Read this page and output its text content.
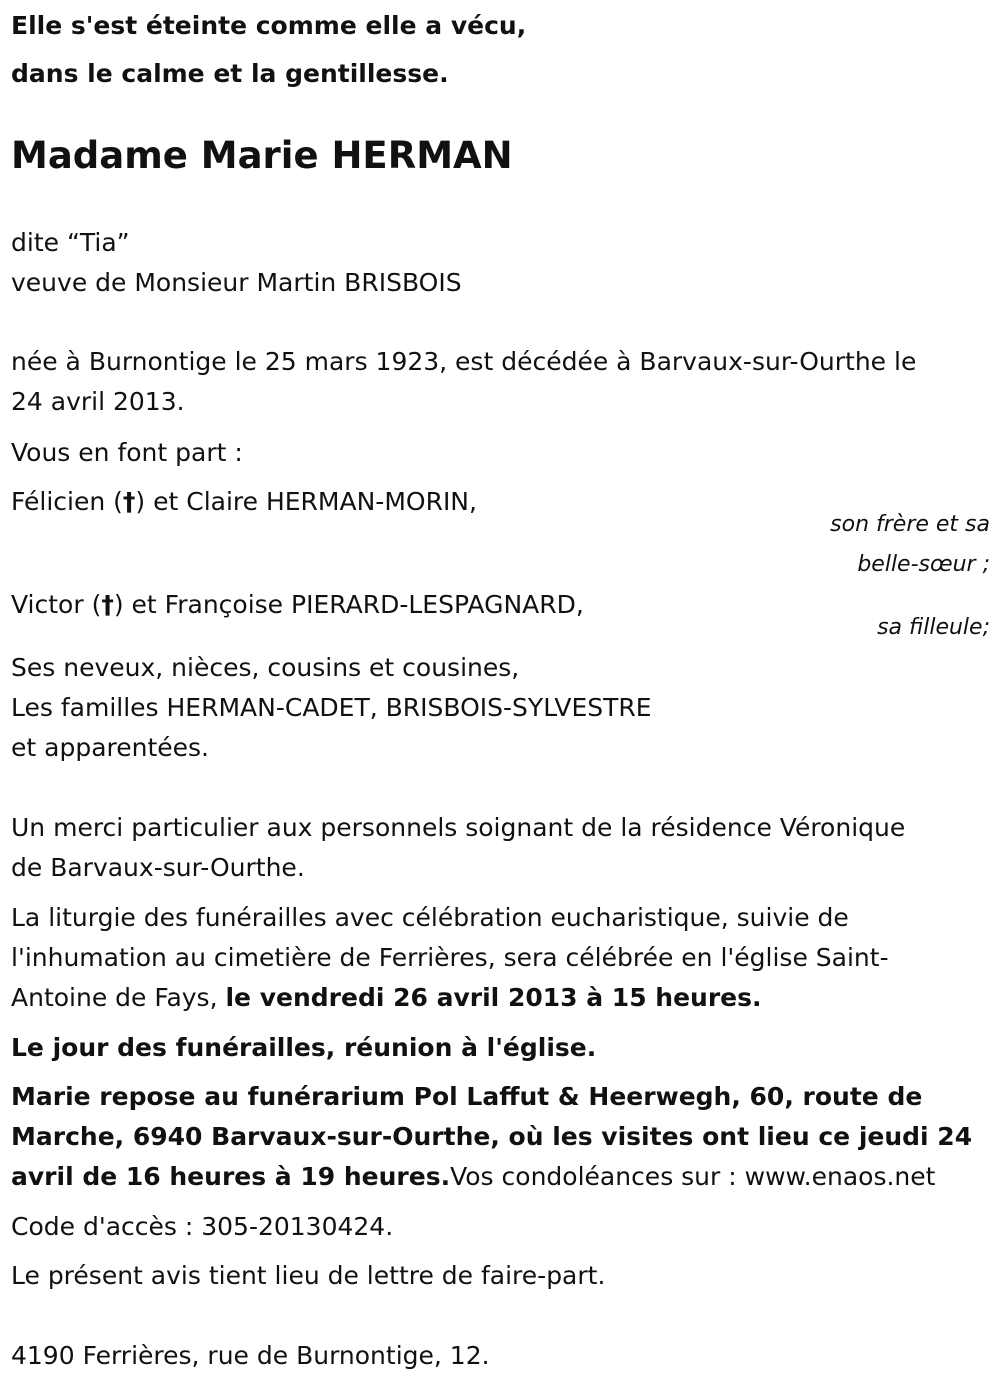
Elle s'est éteinte comme elle a vécu,
dans le calme et la gentillesse.
Madame Marie HERMAN
dite “Tia”
veuve de Monsieur Martin BRISBOIS
née à Burnontige le 25 mars 1923, est décédée à Barvaux-sur-Ourthe le
24 avril 2013.
Vous en font part :
Félicien (†) et Claire HERMAN-MORIN,
son frère et sa
belle-sœur ;
Victor (†) et Françoise PIERARD-LESPAGNARD,
sa filleule;
Ses neveux, nièces, cousins et cousines,
Les familles HERMAN-CADET, BRISBOIS-SYLVESTRE
et apparentées.
Un merci particulier aux personnels soignant de la résidence Véronique
de Barvaux-sur-Ourthe.
La liturgie des funérailles avec célébration eucharistique, suivie de
l'inhumation au cimetière de Ferrières, sera célébrée en l'église Saint-
Antoine de Fays, le vendredi 26 avril 2013 à 15 heures.
Le jour des funérailles, réunion à l'église.
Marie repose au funérarium Pol Laffut & Heerwegh, 60, route de
Marche, 6940 Barvaux-sur-Ourthe, où les visites ont lieu ce jeudi 24
avril de 16 heures à 19 heures.Vos condoléances sur : www.enaos.net
Code d'accès : 305-20130424.
Le présent avis tient lieu de lettre de faire-part.
4190 Ferrières, rue de Burnontige, 12.
